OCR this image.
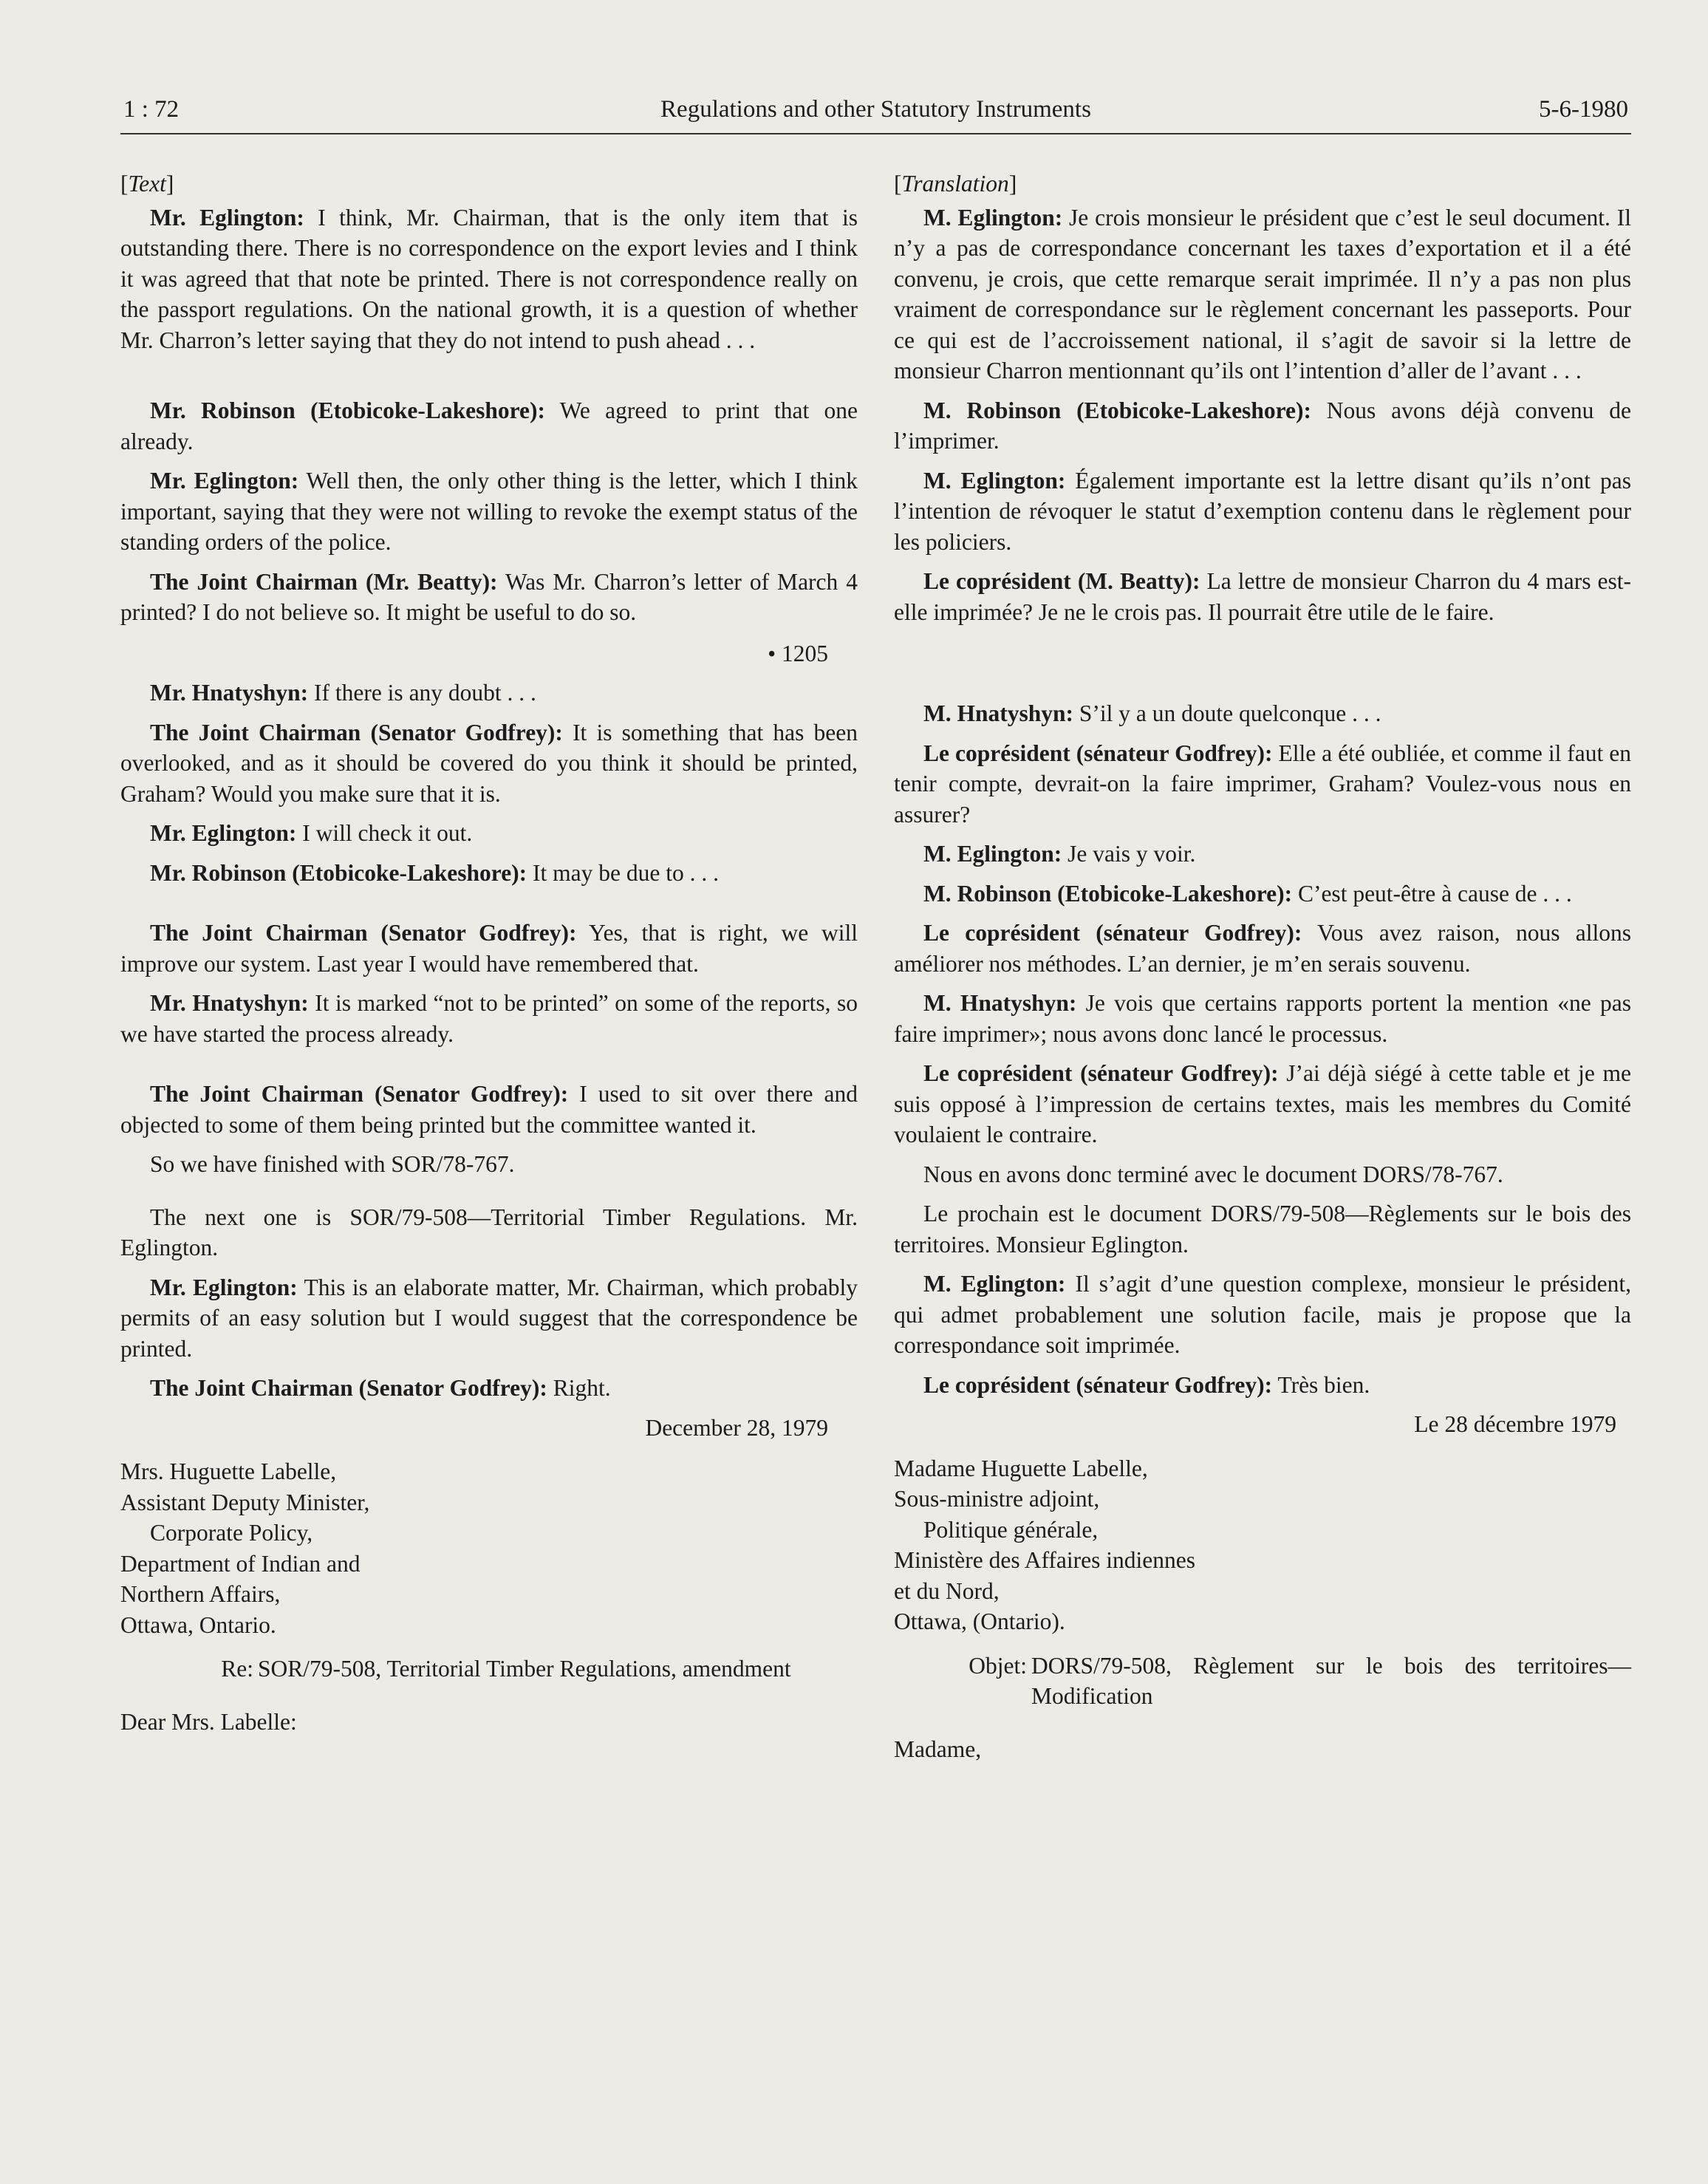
1 : 72	Regulations and other Statutory Instruments	5-6-1980

[Text]

Mr. Eglington: I think, Mr. Chairman, that is the only item that is outstanding there. There is no correspondence on the export levies and I think it was agreed that that note be printed. There is not correspondence really on the passport regulations. On the national growth, it is a question of whether Mr. Charron’s letter saying that they do not intend to push ahead . . .

Mr. Robinson (Etobicoke-Lakeshore): We agreed to print that one already.

Mr. Eglington: Well then, the only other thing is the letter, which I think important, saying that they were not willing to revoke the exempt status of the standing orders of the police.

The Joint Chairman (Mr. Beatty): Was Mr. Charron’s letter of March 4 printed? I do not believe so. It might be useful to do so.

• 1205

Mr. Hnatyshyn: If there is any doubt . . .

The Joint Chairman (Senator Godfrey): It is something that has been overlooked, and as it should be covered do you think it should be printed, Graham? Would you make sure that it is.

Mr. Eglington: I will check it out.

Mr. Robinson (Etobicoke-Lakeshore): It may be due to . . .

The Joint Chairman (Senator Godfrey): Yes, that is right, we will improve our system. Last year I would have remembered that.

Mr. Hnatyshyn: It is marked “not to be printed” on some of the reports, so we have started the process already.

The Joint Chairman (Senator Godfrey): I used to sit over there and objected to some of them being printed but the committee wanted it.

So we have finished with SOR/78-767.

The next one is SOR/79-508—Territorial Timber Regulations. Mr. Eglington.

Mr. Eglington: This is an elaborate matter, Mr. Chairman, which probably permits of an easy solution but I would suggest that the correspondence be printed.

The Joint Chairman (Senator Godfrey): Right.

December 28, 1979

Mrs. Huguette Labelle,
Assistant Deputy Minister,
Corporate Policy,
Department of Indian and
Northern Affairs,
Ottawa, Ontario.
Re: SOR/79-508, Territorial Timber Regulations, amendment
Dear Mrs. Labelle:

[Translation]

M. Eglington: Je crois monsieur le président que c’est le seul document. Il n’y a pas de correspondance concernant les taxes d’exportation et il a été convenu, je crois, que cette remarque serait imprimée. Il n’y a pas non plus vraiment de correspondance sur le règlement concernant les passeports. Pour ce qui est de l’accroissement national, il s’agit de savoir si la lettre de monsieur Charron mentionnant qu’ils ont l’intention d’aller de l’avant . . .

M. Robinson (Etobicoke-Lakeshore): Nous avons déjà convenu de l’imprimer.

M. Eglington: Également importante est la lettre disant qu’ils n’ont pas l’intention de révoquer le statut d’exemption contenu dans le règlement pour les policiers.

Le coprésident (M. Beatty): La lettre de monsieur Charron du 4 mars est-elle imprimée? Je ne le crois pas. Il pourrait être utile de le faire.

M. Hnatyshyn: S’il y a un doute quelconque . . .

Le coprésident (sénateur Godfrey): Elle a été oubliée, et comme il faut en tenir compte, devrait-on la faire imprimer, Graham? Voulez-vous nous en assurer?

M. Eglington: Je vais y voir.

M. Robinson (Etobicoke-Lakeshore): C’est peut-être à cause de . . .

Le coprésident (sénateur Godfrey): Vous avez raison, nous allons améliorer nos méthodes. L’an dernier, je m’en serais souvenu.

M. Hnatyshyn: Je vois que certains rapports portent la mention «ne pas faire imprimer»; nous avons donc lancé le processus.

Le coprésident (sénateur Godfrey): J’ai déjà siégé à cette table et je me suis opposé à l’impression de certains textes, mais les membres du Comité voulaient le contraire.

Nous en avons donc terminé avec le document DORS/78-767.

Le prochain est le document DORS/79-508—Règlements sur le bois des territoires. Monsieur Eglington.

M. Eglington: Il s’agit d’une question complexe, monsieur le président, qui admet probablement une solution facile, mais je propose que la correspondance soit imprimée.

Le coprésident (sénateur Godfrey): Très bien.

Le 28 décembre 1979

Madame Huguette Labelle,
Sous-ministre adjoint,
Politique générale,
Ministère des Affaires indiennes
et du Nord,
Ottawa, (Ontario).
Objet: DORS/79-508, Règlement sur le bois des territoires—Modification
Madame,
